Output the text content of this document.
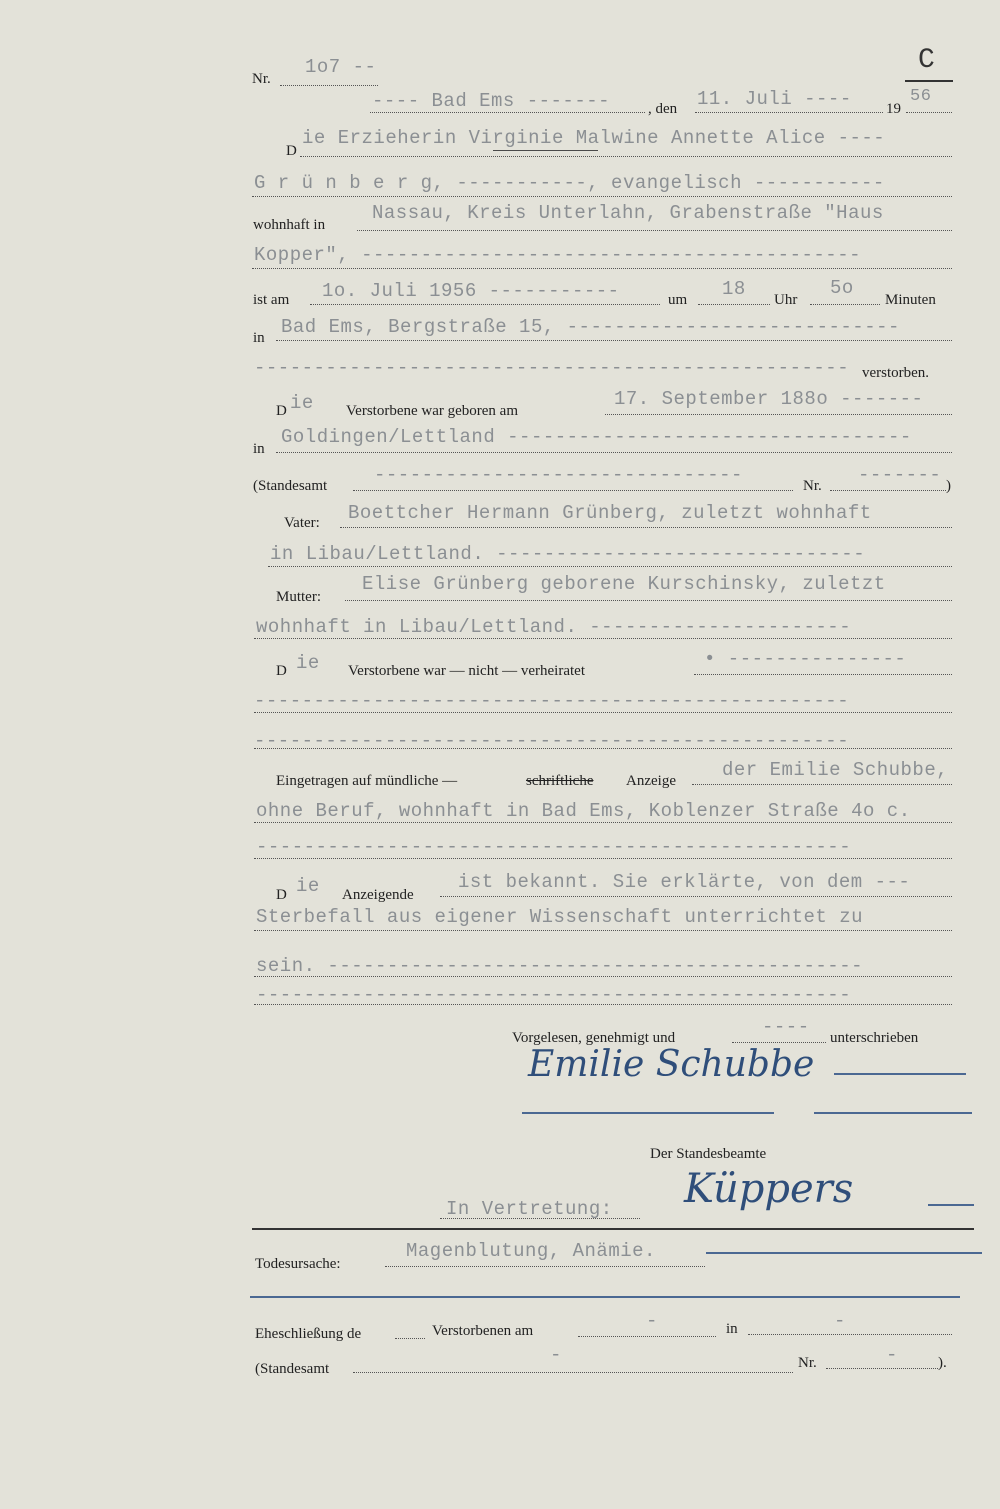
Nr.
1o7 --	C
---- Bad Ems -------	, den 11. Juli ---- 19
56
D
ie Erzieherin Virginie Malwine Annette Alice ----
G r ü n b e r g, -----------, evangelisch -----------
wohnhaft in
Nassau, Kreis Unterlahn, Grabenstraße "Haus
Kopper", ------------------------------------------
ist am 1o. Juli 1956 -----------	um 18 Uhr
5o
Minuten
in Bad Ems, Bergstraße 15, ----------------------------
-------------------------------------------------- verstorben.
D ie Verstorbene war geboren am
17. September 188o -------
in
Goldingen/Lettland ----------------------------------
(Standesamt -------------------------------	Nr. ------- )
Vater: Boettcher Hermann Grünberg, zuletzt wohnhaft
in Libau/Lettland. -------------------------------
Mutter:
Elise Grünberg geborene Kurschinsky, zuletzt
wohnhaft in Libau/Lettland. ----------------------
D ie Verstorbene war — nicht — verheiratet
• ---------------
--------------------------------------------------
--------------------------------------------------
Eingetragen auf mündliche —	schriftliche Anzeige der Emilie Schubbe,
ohne Beruf, wohnhaft in Bad Ems, Koblenzer Straße 4o c.
--------------------------------------------------
D ie Anzeigende
ist bekannt. Sie erklärte, von dem ---
Sterbefall aus eigener Wissenschaft unterrichtet zu
sein. ---------------------------------------------
--------------------------------------------------
Vorgelesen, genehmigt und	---- unterschrieben
Emilie Schubbe
Der Standesbeamte
In Vertretung: Küppers
Todesursache:
Magenblutung, Anämie.
Eheschließung de	Verstorbenen am	-	in	-
(Standesamt
-	Nr.	-	).
